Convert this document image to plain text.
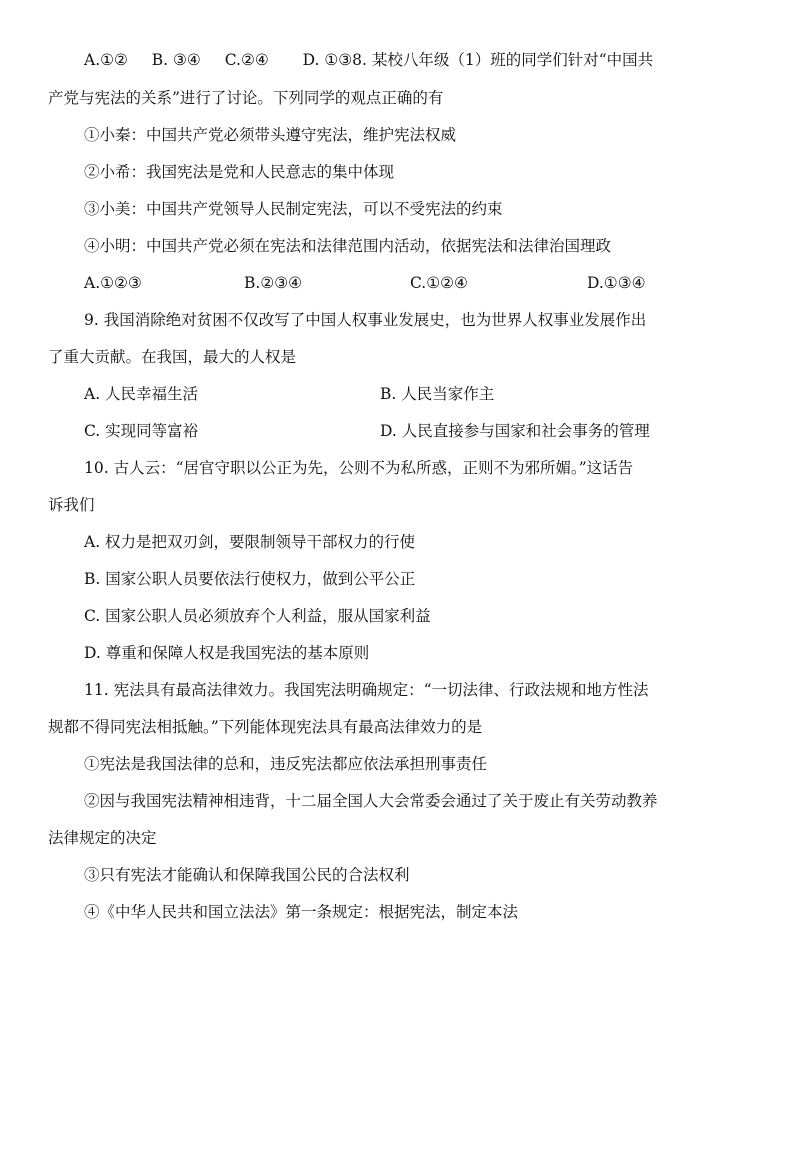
A.①② B. ③④ C.②④ D. ①③8. 某校八年级（1）班的同学们针对“中国共
产党与宪法的关系”进行了讨论。下列同学的观点正确的有
①小秦：中国共产党必须带头遵守宪法，维护宪法权威
②小希：我国宪法是党和人民意志的集中体现
③小美：中国共产党领导人民制定宪法，可以不受宪法的约束
④小明：中国共产党必须在宪法和法律范围内活动，依据宪法和法律治国理政
A.①②③	B.②③④	C.①②④	D.①③④
9. 我国消除绝对贫困不仅改写了中国人权事业发展史，也为世界人权事业发展作出
了重大贡献。在我国，最大的人权是
A. 人民幸福生活	B. 人民当家作主
C. 实现同等富裕	D. 人民直接参与国家和社会事务的管理
10. 古人云：“居官守职以公正为先，公则不为私所惑，正则不为邪所媚。”这话告
诉我们
A. 权力是把双刃剑，要限制领导干部权力的行使
B. 国家公职人员要依法行使权力，做到公平公正
C. 国家公职人员必须放弃个人利益，服从国家利益
D. 尊重和保障人权是我国宪法的基本原则
11. 宪法具有最高法律效力。我国宪法明确规定：“一切法律、行政法规和地方性法
规都不得同宪法相抵触。”下列能体现宪法具有最高法律效力的是
①宪法是我国法律的总和，违反宪法都应依法承担刑事责任
②因与我国宪法精神相违背，十二届全国人大会常委会通过了关于废止有关劳动教养
法律规定的决定
③只有宪法才能确认和保障我国公民的合法权利
④《中华人民共和国立法法》第一条规定：根据宪法，制定本法
